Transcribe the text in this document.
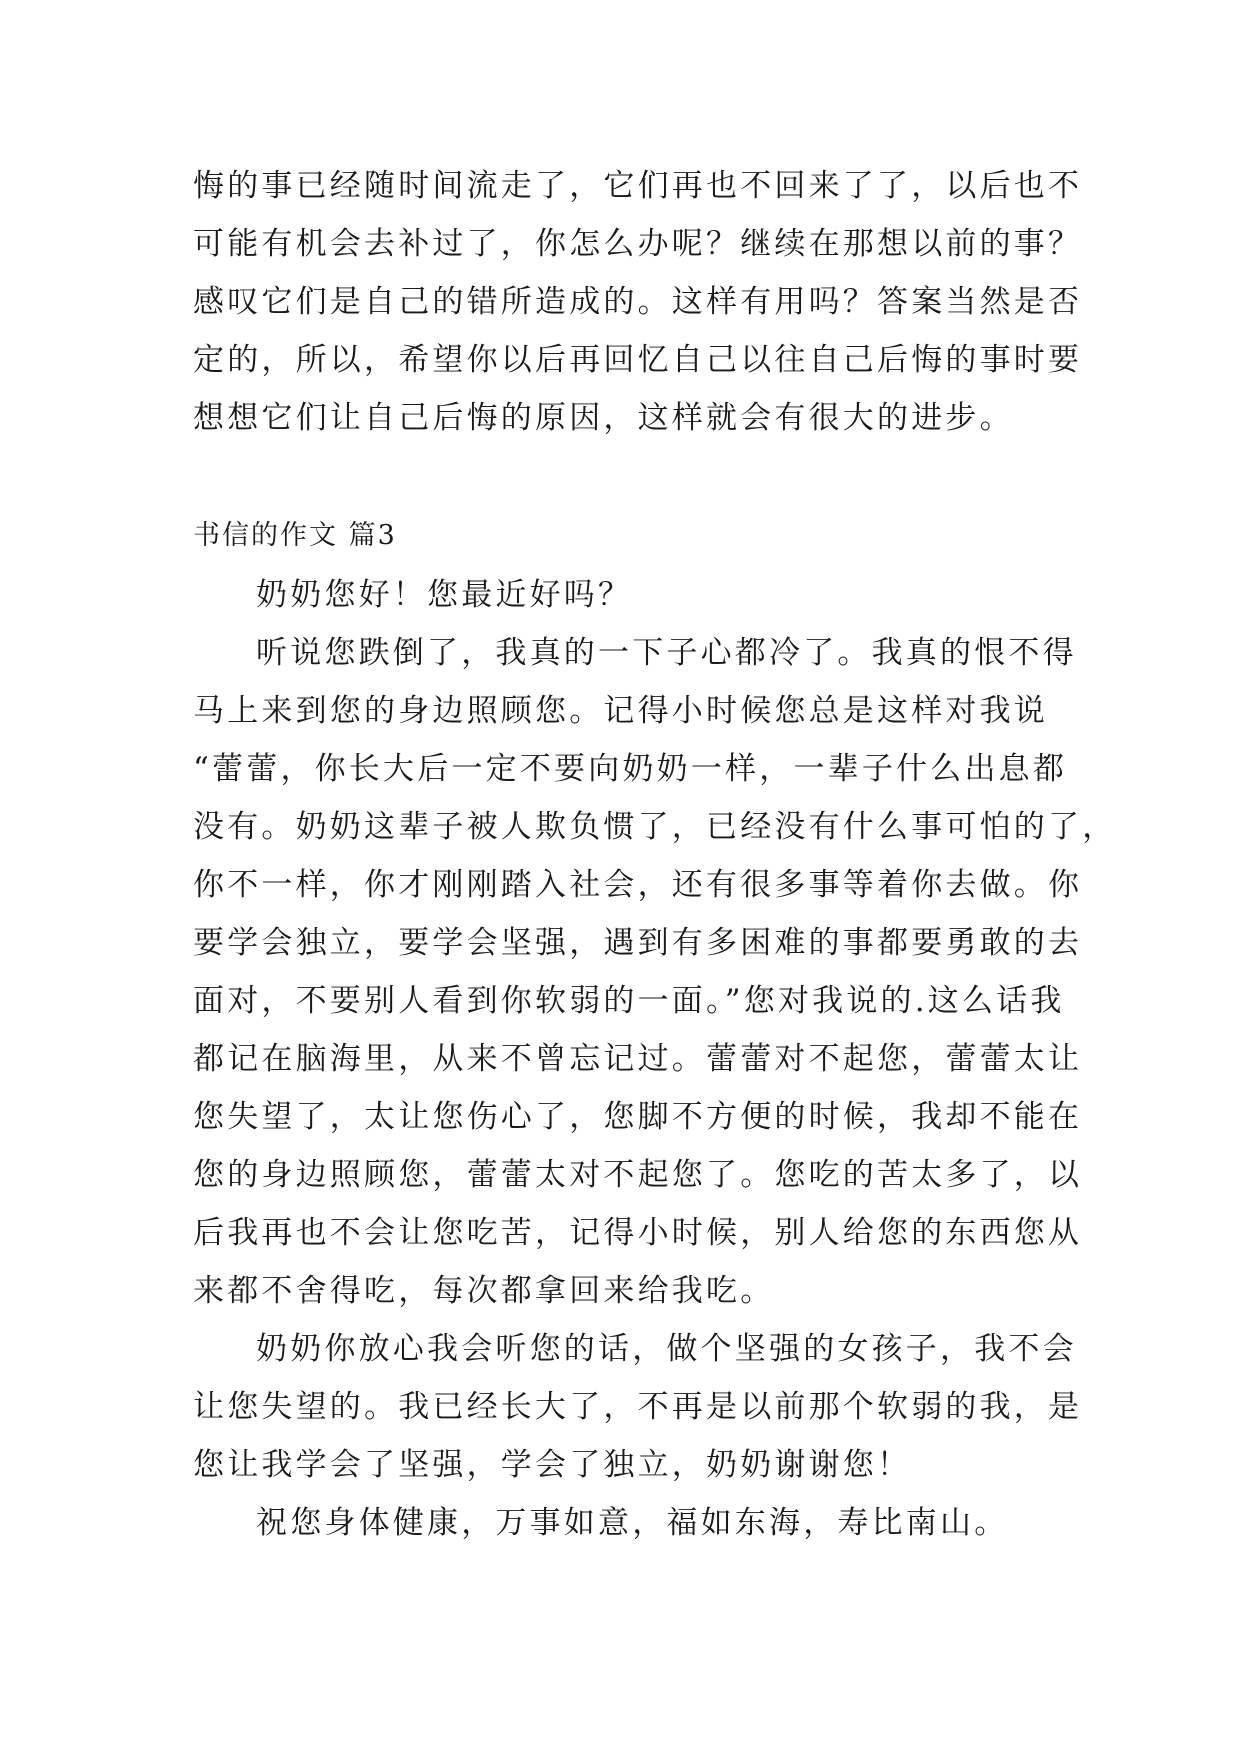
悔的事已经随时间流走了，它们再也不回来了了，以后也不
可能有机会去补过了，你怎么办呢？继续在那想以前的事？
感叹它们是自己的错所造成的。这样有用吗？答案当然是否
定的，所以，希望你以后再回忆自己以往自己后悔的事时要
想想它们让自己后悔的原因，这样就会有很大的进步。
书信的作文 篇3
奶奶您好！您最近好吗？
听说您跌倒了，我真的一下子心都冷了。我真的恨不得
马上来到您的身边照顾您。记得小时候您总是这样对我说
“蕾蕾，你长大后一定不要向奶奶一样，一辈子什么出息都
没有。奶奶这辈子被人欺负惯了，已经没有什么事可怕的了，
你不一样，你才刚刚踏入社会，还有很多事等着你去做。你
要学会独立，要学会坚强，遇到有多困难的事都要勇敢的去
面对，不要别人看到你软弱的一面。”您对我说的.这么话我
都记在脑海里，从来不曾忘记过。蕾蕾对不起您，蕾蕾太让
您失望了，太让您伤心了，您脚不方便的时候，我却不能在
您的身边照顾您，蕾蕾太对不起您了。您吃的苦太多了，以
后我再也不会让您吃苦，记得小时候，别人给您的东西您从
来都不舍得吃，每次都拿回来给我吃。
奶奶你放心我会听您的话，做个坚强的女孩子，我不会
让您失望的。我已经长大了，不再是以前那个软弱的我，是
您让我学会了坚强，学会了独立，奶奶谢谢您！
祝您身体健康，万事如意，福如东海，寿比南山。
